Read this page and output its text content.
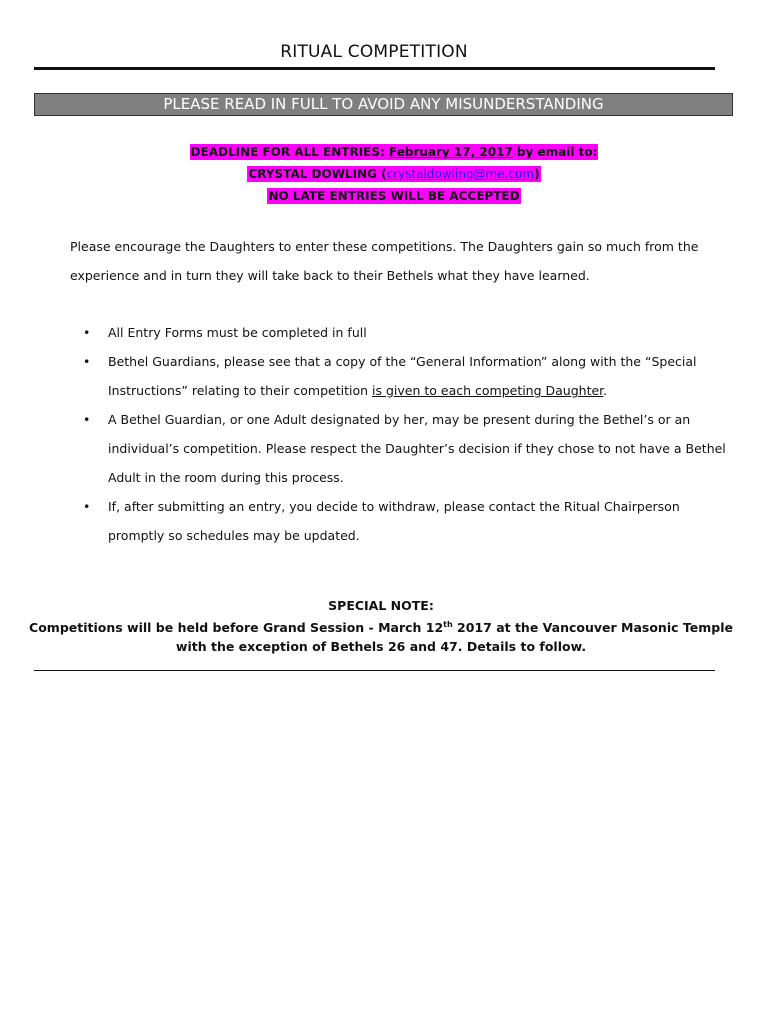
RITUAL COMPETITION
PLEASE READ IN FULL TO AVOID ANY MISUNDERSTANDING
DEADLINE FOR ALL ENTRIES: February 17, 2017 by email to:
CRYSTAL DOWLING (crystaldowling@me.com)
NO LATE ENTRIES WILL BE ACCEPTED
Please encourage the Daughters to enter these competitions. The Daughters gain so much from the experience and in turn they will take back to their Bethels what they have learned.
• All Entry Forms must be completed in full
• Bethel Guardians, please see that a copy of the “General Information” along with the “Special Instructions” relating to their competition is given to each competing Daughter.
• A Bethel Guardian, or one Adult designated by her, may be present during the Bethel’s or an individual’s competition. Please respect the Daughter’s decision if they chose to not have a Bethel Adult in the room during this process.
• If, after submitting an entry, you decide to withdraw, please contact the Ritual Chairperson promptly so schedules may be updated.
SPECIAL NOTE:
Competitions will be held before Grand Session - March 12th 2017 at the Vancouver Masonic Temple with the exception of Bethels 26 and 47. Details to follow.
